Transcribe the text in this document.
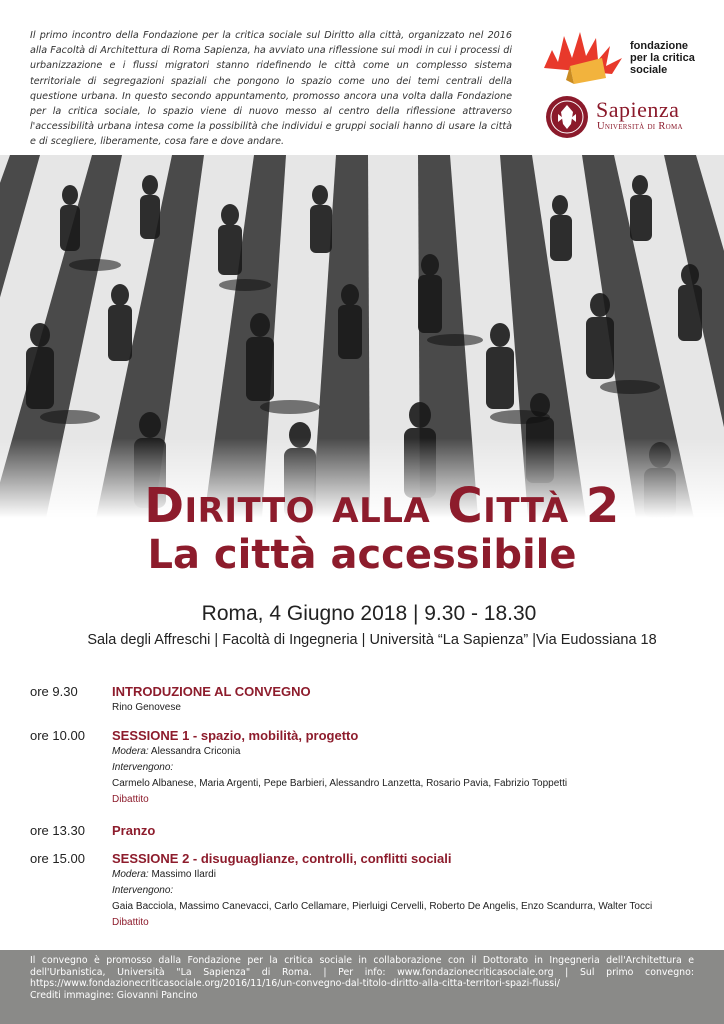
Il primo incontro della Fondazione per la critica sociale sul Diritto alla città, organizzato nel 2016 alla Facoltà di Architettura di Roma Sapienza, ha avviato una riflessione sui modi in cui i processi di urbanizzazione e i flussi migratori stanno ridefinendo le città come un complesso sistema territoriale di segregazioni spaziali che pongono lo spazio come uno dei temi centrali della questione urbana. In questo secondo appuntamento, promosso ancora una volta dalla Fondazione per la critica sociale, lo spazio viene di nuovo messo al centro della riflessione attraverso l'accessibilità urbana intesa come la possibilità che individui e gruppi sociali hanno di usare la città e di scegliere, liberamente, cosa fare e dove andare.

fondazione
per la critica
sociale
Sapienza
Università di Roma
Diritto alla Città 2
La città accessibile
Roma, 4 Giugno 2018 | 9.30 - 18.30
Sala degli Affreschi | Facoltà di Ingegneria | Università “La Sapienza” |Via Eudossiana 18
ore 9.30	INTRODUZIONE AL CONVEGNO
Rino Genovese
ore 10.00 SESSIONE 1 - spazio, mobilità, progetto
Modera: Alessandra Criconia
Intervengono:
Carmelo Albanese, Maria Argenti, Pepe Barbieri, Alessandro Lanzetta, Rosario Pavia, Fabrizio Toppetti
Dibattito
ore 13.30 Pranzo
ore 15.00 SESSIONE 2 - disuguaglianze, controlli, conflitti sociali
Modera: Massimo Ilardi
Intervengono:
Gaia Bacciola, Massimo Canevacci, Carlo Cellamare, Pierluigi Cervelli, Roberto De Angelis, Enzo Scandurra, Walter Tocci
Dibattito

Il convegno è promosso dalla Fondazione per la critica sociale in collaborazione con il Dottorato in Ingegneria dell'Architettura e dell'Urbanistica, Università "La Sapienza" di Roma. | Per info: www.fondazionecriticasociale.org | Sul primo convegno: https://www.fondazionecriticasociale.org/2016/11/16/un-convegno-dal-titolo-diritto-alla-citta-territori-spazi-flussi/

Crediti immagine: Giovanni Pancino
